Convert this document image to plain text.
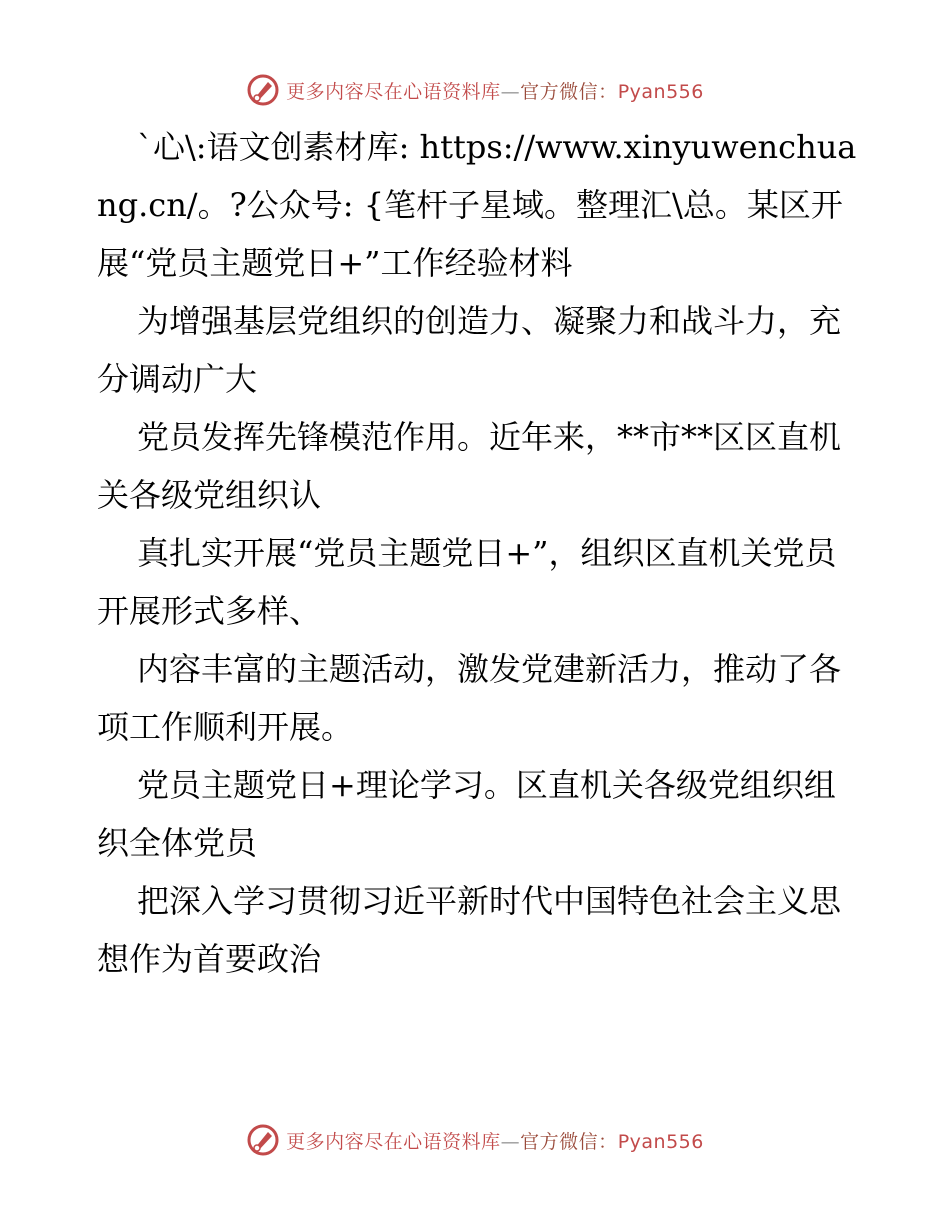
更多内容尽在心语资料库—官方微信：Pyan556

`心\:语文创素材库: https://www.xinyuwenchuang.cn/。?公众号: {笔杆子星域。整理汇\总。某区开展“党员主题党日+”工作经验材料

为增强基层党组织的创造力、凝聚力和战斗力，充分调动广大

党员发挥先锋模范作用。近年来，**市**区区直机关各级党组织认

真扎实开展“党员主题党日+”，组织区直机关党员开展形式多样、

内容丰富的主题活动，激发党建新活力，推动了各项工作顺利开展。

党员主题党日+理论学习。区直机关各级党组织组织全体党员

把深入学习贯彻习近平新时代中国特色社会主义思想作为首要政治

更多内容尽在心语资料库—官方微信：Pyan556
